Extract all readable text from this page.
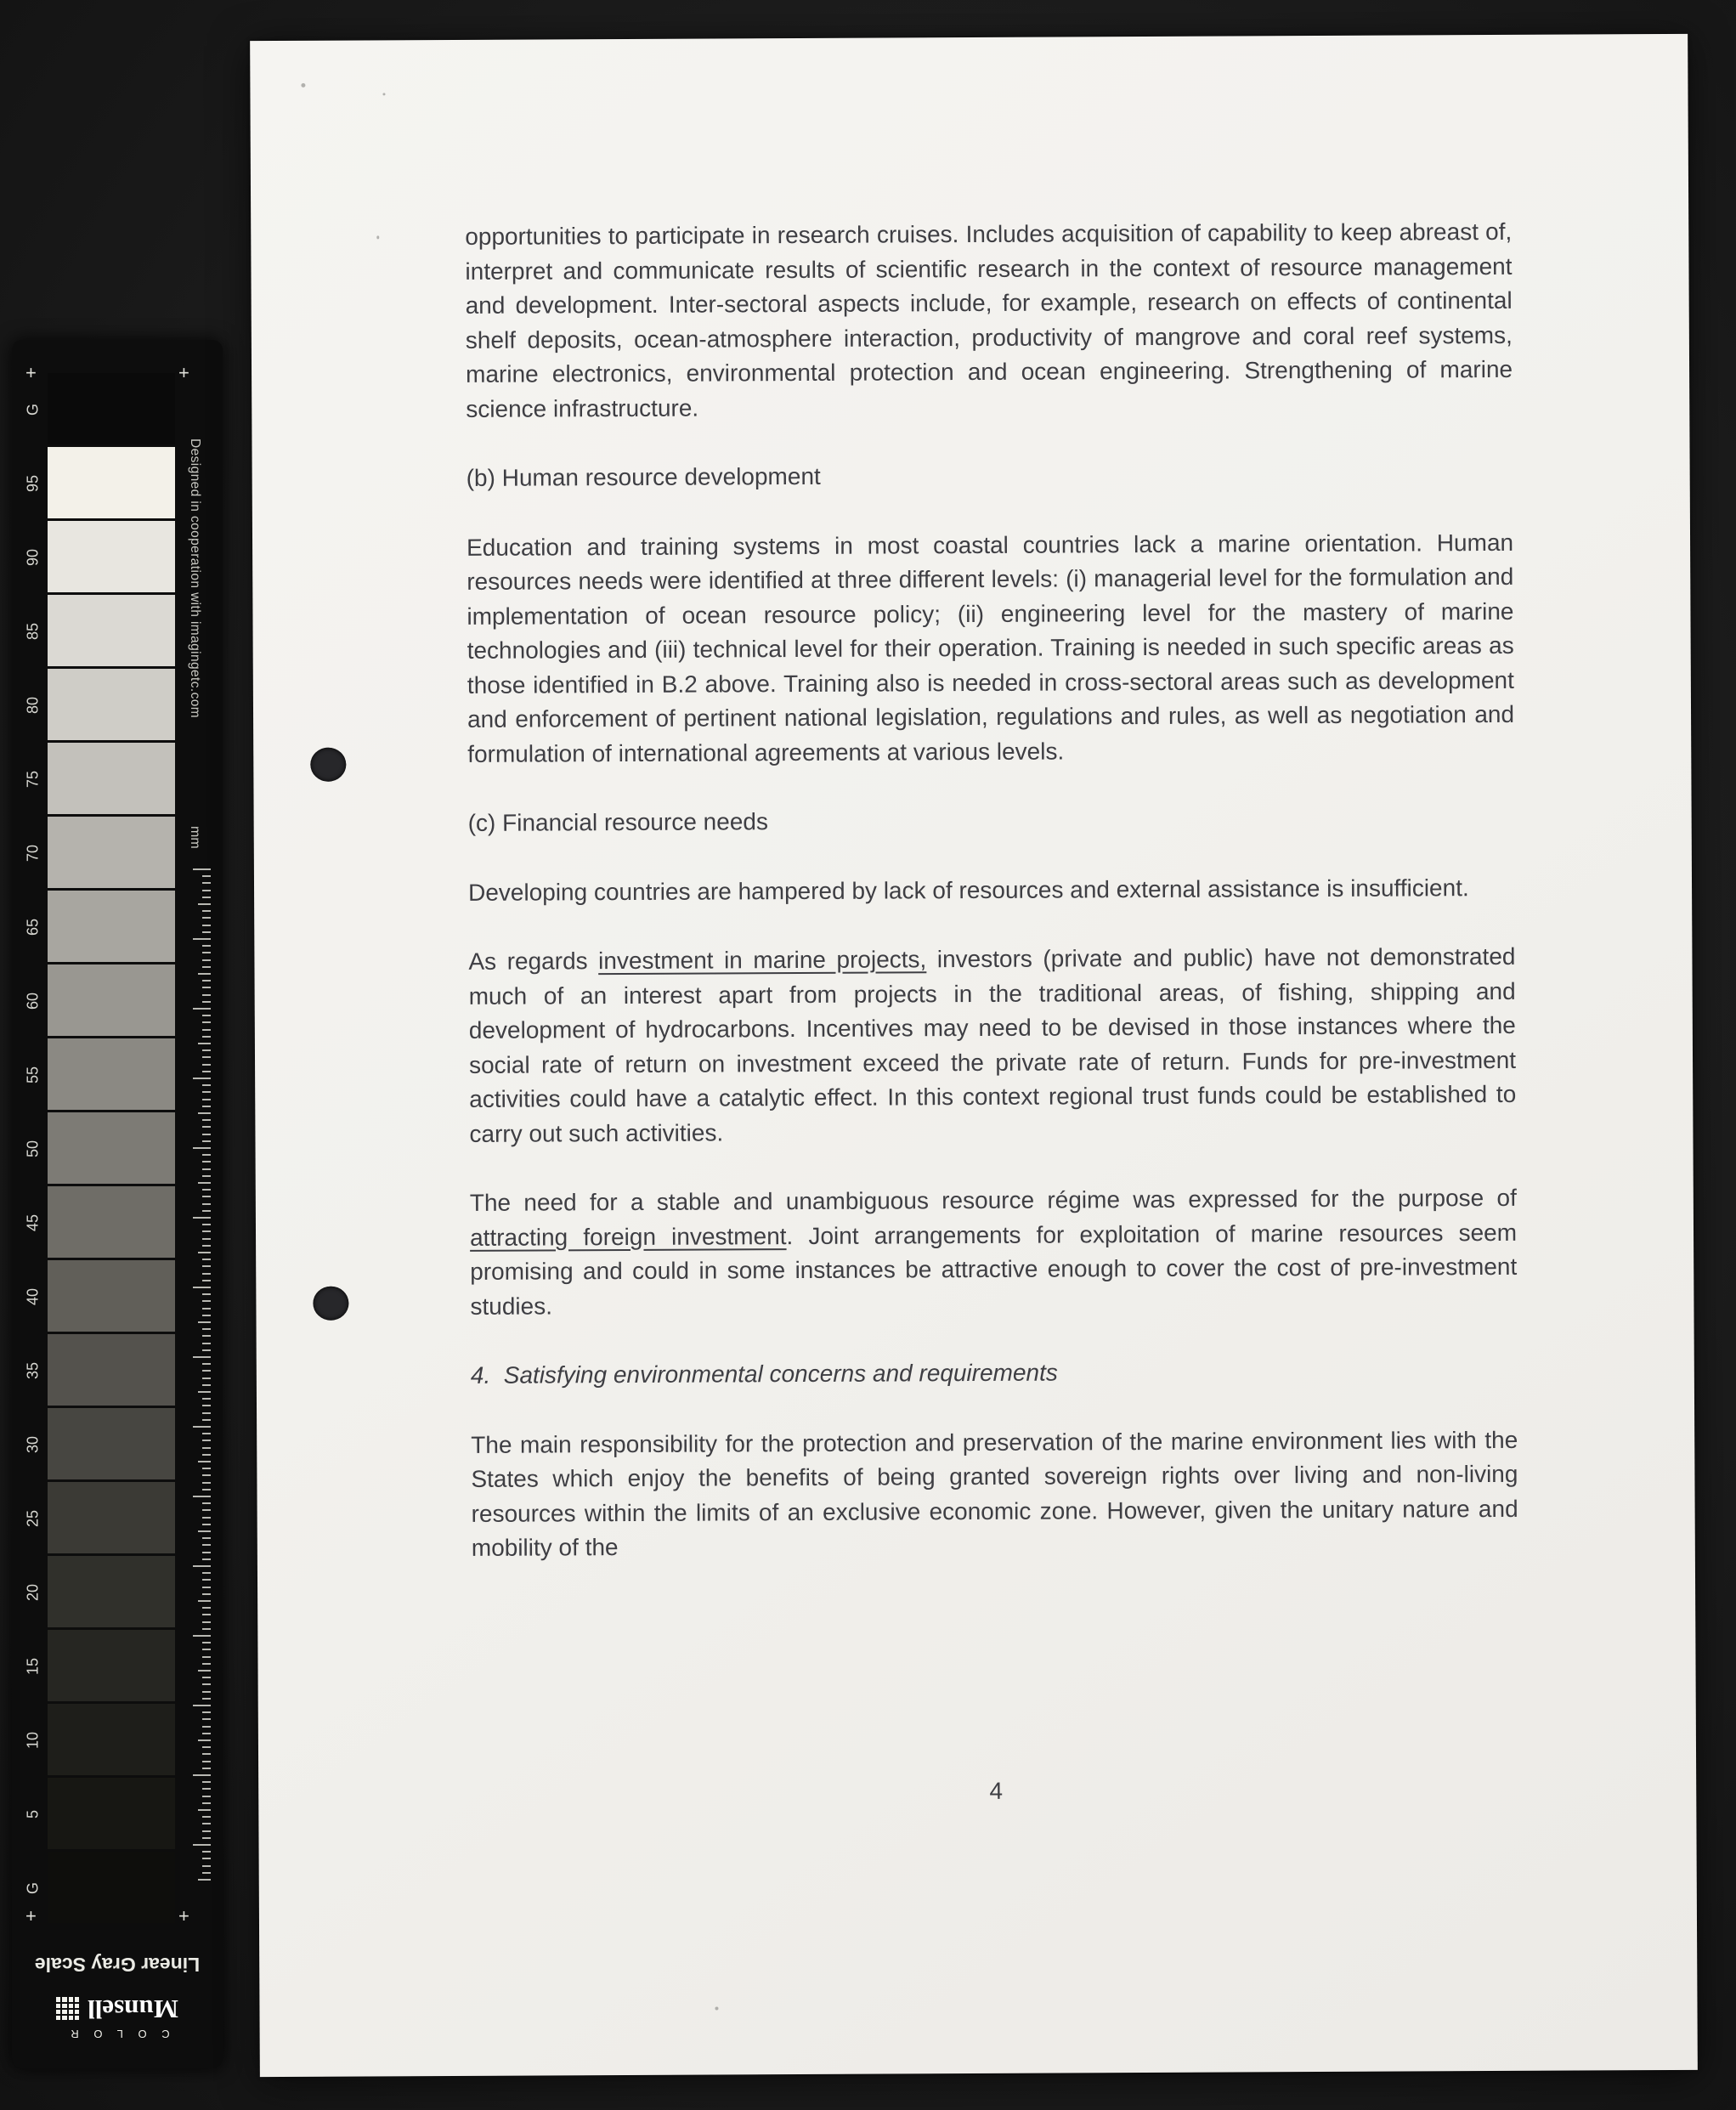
+	+
+	+
G
95
90
85
80
75
70
65
60
55
50
45
40
35
30
25
20
15
10
5
G
Designed in cooperation with imagingetc.com
mm
Linear Gray Scale
C O L O R
Munsell

opportunities to participate in research cruises. Includes acquisition of capability to keep abreast of, interpret and communicate results of scientific research in the context of resource management and development. Inter-sectoral aspects include, for example, research on effects of continental shelf deposits, ocean-atmosphere interaction, productivity of mangrove and coral reef systems, marine electronics, environmental protection and ocean engineering. Strengthening of marine science infrastructure.

(b) Human resource development

Education and training systems in most coastal countries lack a marine orientation. Human resources needs were identified at three different levels: (i) managerial level for the formulation and implementation of ocean resource policy; (ii) engineering level for the mastery of marine technologies and (iii) technical level for their operation. Training is needed in such specific areas as those identified in B.2 above. Training also is needed in cross-sectoral areas such as development and enforcement of pertinent national legislation, regulations and rules, as well as negotiation and formulation of international agreements at various levels.

(c) Financial resource needs

Developing countries are hampered by lack of resources and external assistance is insufficient.

As regards investment in marine projects, investors (private and public) have not demonstrated much of an interest apart from projects in the traditional areas, of fishing, shipping and development of hydrocarbons. Incentives may need to be devised in those instances where the social rate of return on investment exceed the private rate of return. Funds for pre-investment activities could have a catalytic effect. In this context regional trust funds could be established to carry out such activities.

The need for a stable and unambiguous resource régime was expressed for the purpose of attracting foreign investment. Joint arrangements for exploitation of marine resources seem promising and could in some instances be attractive enough to cover the cost of pre-investment studies.

4.  Satisfying environmental concerns and requirements

The main responsibility for the protection and preservation of the marine environment lies with the States which enjoy the benefits of being granted sovereign rights over living and non-living resources within the limits of an exclusive economic zone. However, given the unitary nature and mobility of the

4
